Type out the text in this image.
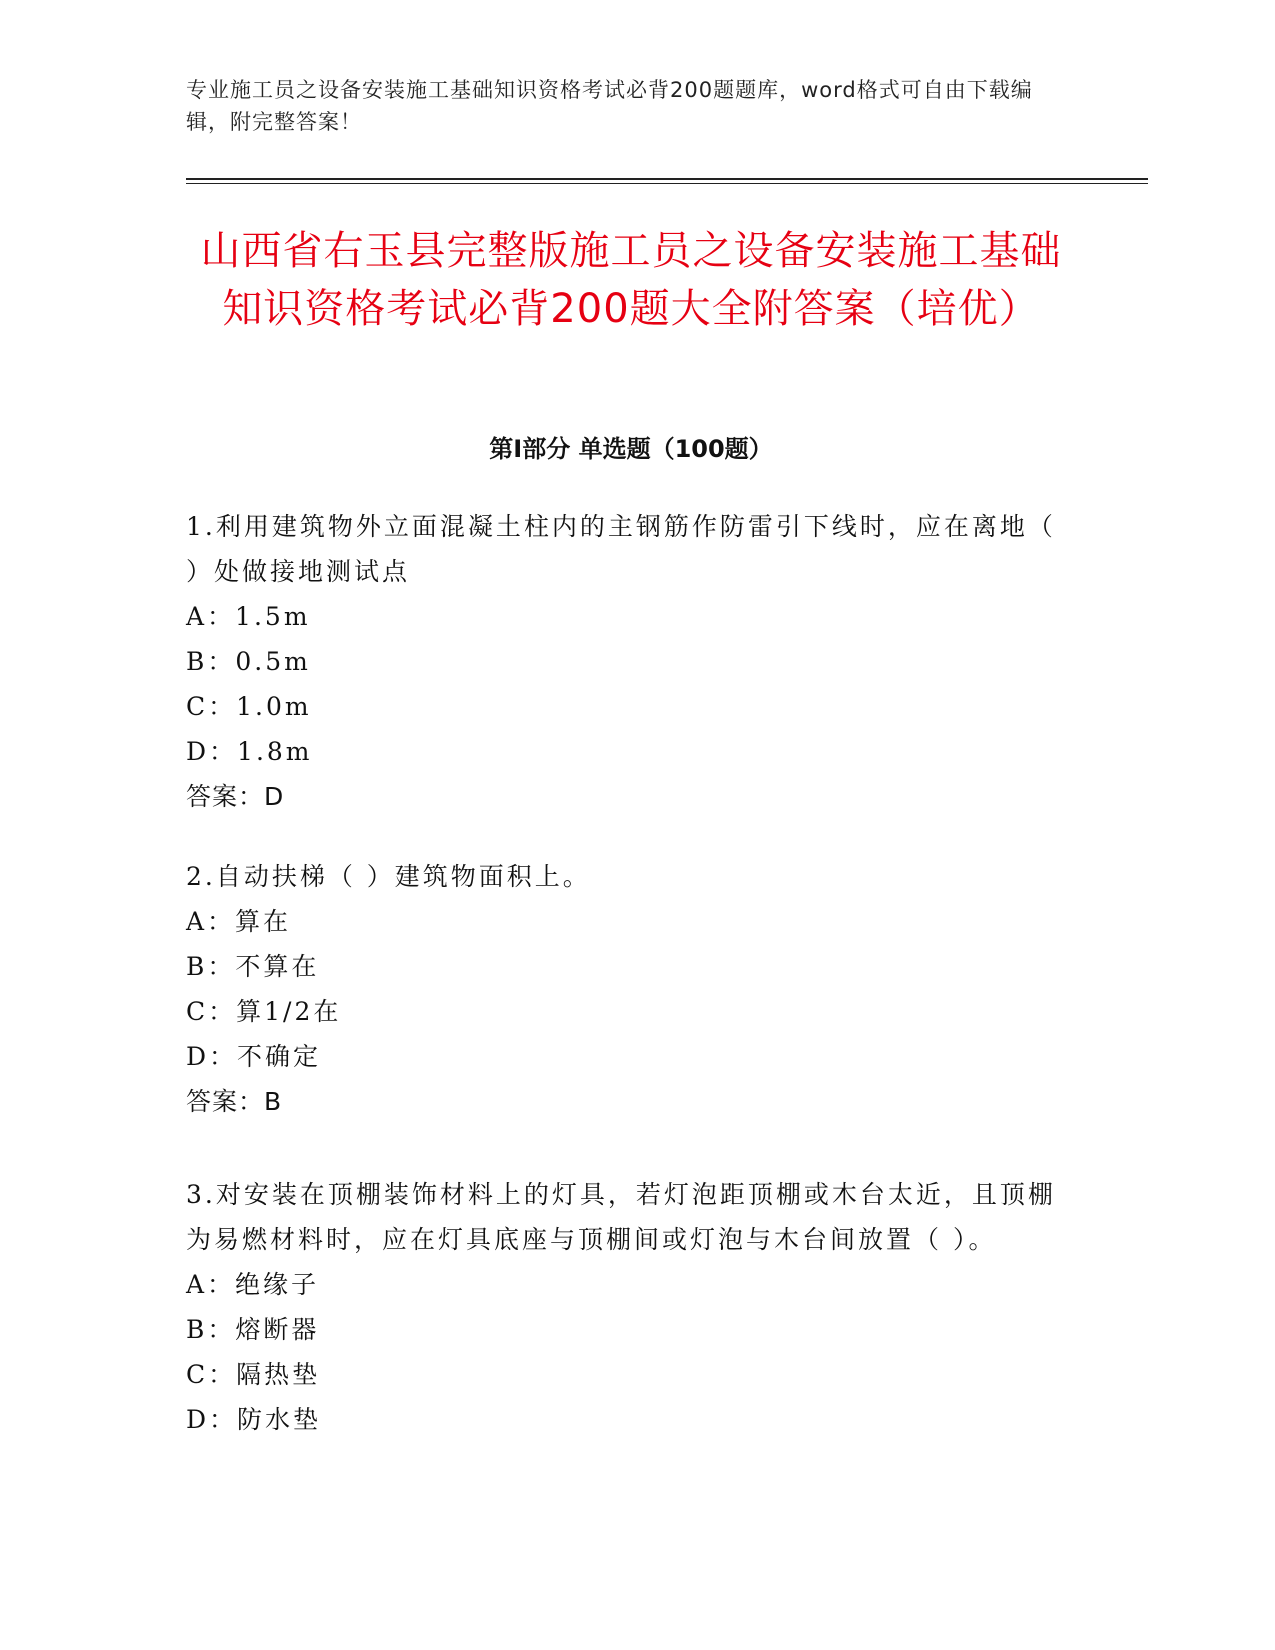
专业施工员之设备安装施工基础知识资格考试必背200题题库，word格式可自由下载编辑，附完整答案！
山西省右玉县完整版施工员之设备安装施工基础知识资格考试必背200题大全附答案（培优）
第Ⅰ部分 单选题（100题）
1.利用建筑物外立面混凝土柱内的主钢筋作防雷引下线时，应在离地（ ）处做接地测试点
A：1.5m
B：0.5m
C：1.0m
D：1.8m
答案：D
2.自动扶梯（ ）建筑物面积上。
A：算在
B：不算在
C：算1/2在
D：不确定
答案：B
3.对安装在顶棚装饰材料上的灯具，若灯泡距顶棚或木台太近，且顶棚为易燃材料时，应在灯具底座与顶棚间或灯泡与木台间放置（ ）。
A：绝缘子
B：熔断器
C：隔热垫
D：防水垫
